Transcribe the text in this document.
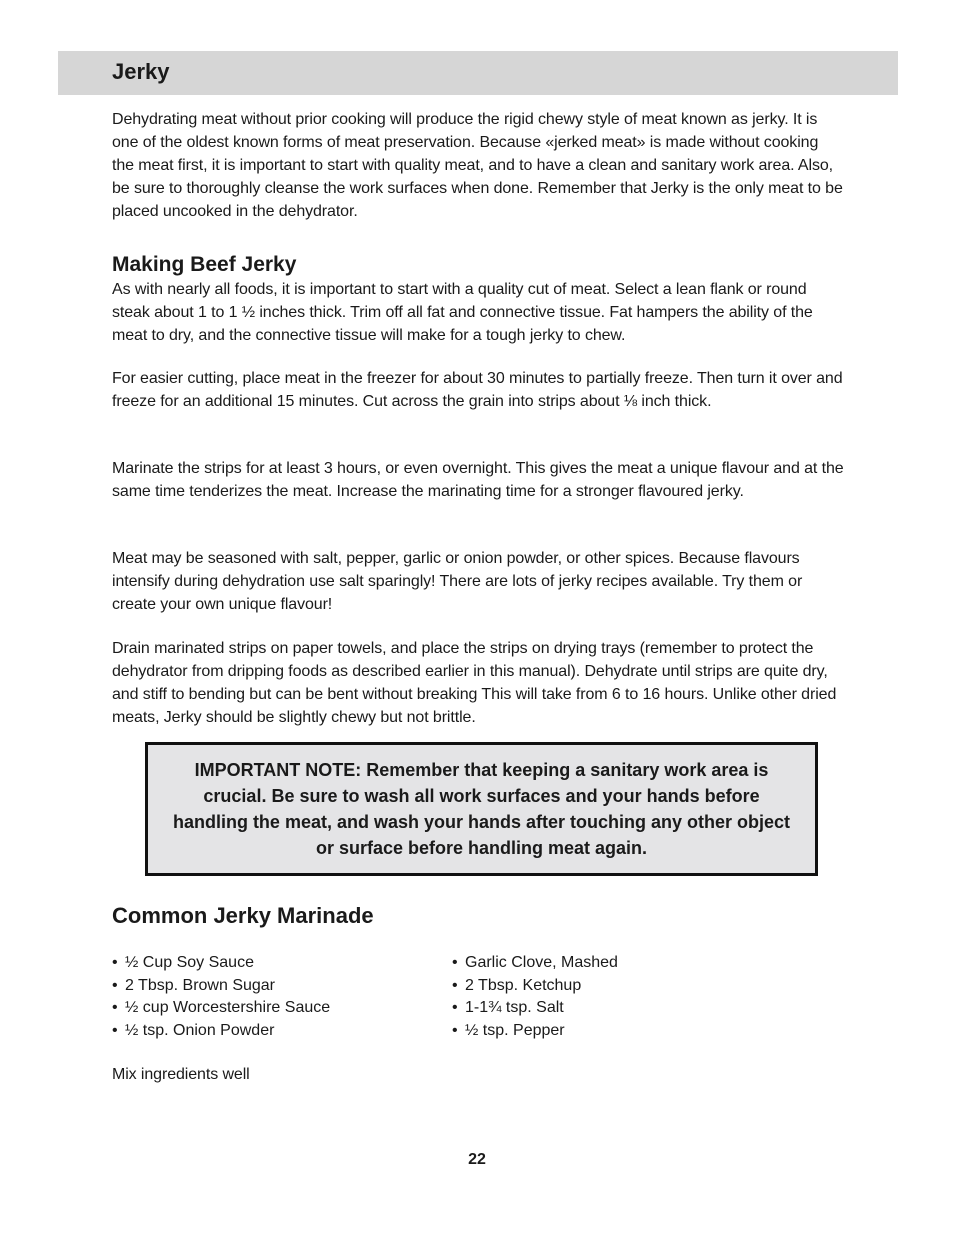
Jerky

Dehydrating meat without prior cooking will produce the rigid chewy style of meat known as jerky. It is one of the oldest known forms of meat preservation. Because «jerked meat» is made without cooking the meat first, it is important to start with quality meat, and to have a clean and sanitary work area. Also, be sure to thoroughly cleanse the work surfaces when done. Remember that Jerky is the only meat to be placed uncooked in the dehydrator.

Making Beef Jerky

As with nearly all foods, it is important to start with a quality cut of meat. Select a lean flank or round steak about 1 to 1 ½ inches thick. Trim off all fat and connective tissue. Fat hampers the ability of the meat to dry, and the connective tissue will make for a tough jerky to chew.

For easier cutting, place meat in the freezer for about 30 minutes to partially freeze. Then turn it over and freeze for an additional 15 minutes. Cut across the grain into strips about ⅛ inch thick.

Marinate the strips for at least 3 hours, or even overnight. This gives the meat a unique flavour and at the same time tenderizes the meat. Increase the marinating time for a stronger flavoured jerky.

Meat may be seasoned with salt, pepper, garlic or onion powder, or other spices. Because flavours intensify during dehydration use salt sparingly! There are lots of jerky recipes available. Try them or create your own unique flavour!

Drain marinated strips on paper towels, and place the strips on drying trays (remember to protect the dehydrator from dripping foods as described earlier in this manual). Dehydrate until strips are quite dry, and stiff to bending but can be bent without breaking This will take from 6 to 16 hours. Unlike other dried meats, Jerky should be slightly chewy but not brittle.

IMPORTANT NOTE: Remember that keeping a sanitary work area is crucial. Be sure to wash all work surfaces and your hands before handling the meat, and wash your hands after touching any other object or surface before handling meat again.

Common Jerky Marinade
• ½ Cup Soy Sauce
• 2 Tbsp. Brown Sugar
• ½ cup Worcestershire Sauce
• ½ tsp. Onion Powder
• Garlic Clove, Mashed
• 2 Tbsp. Ketchup
• 1-1¾ tsp. Salt
• ½ tsp. Pepper

Mix ingredients well

22
